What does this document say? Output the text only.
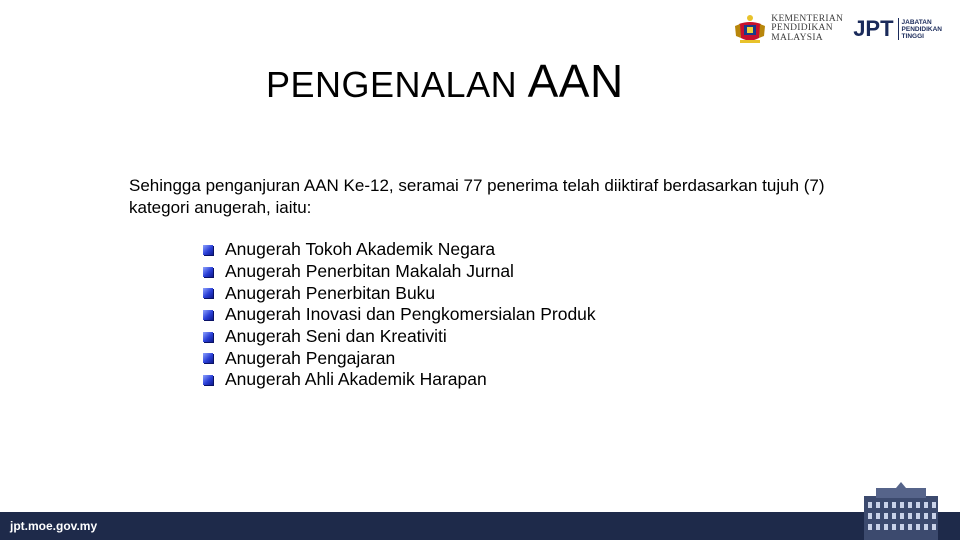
KEMENTERIAN
PENDIDIKAN
MALAYSIA	JPT JABATAN
PENDIDIKAN
TINGGI
PENGENALAN AAN
Sehingga penganjuran AAN Ke-12, seramai 77 penerima telah diiktiraf berdasarkan tujuh (7) kategori anugerah, iaitu:
Anugerah Tokoh Akademik Negara
Anugerah Penerbitan Makalah Jurnal
Anugerah Penerbitan Buku
Anugerah Inovasi dan Pengkomersialan Produk
Anugerah Seni dan Kreativiti
Anugerah Pengajaran
Anugerah Ahli Akademik Harapan
jpt.moe.gov.my
